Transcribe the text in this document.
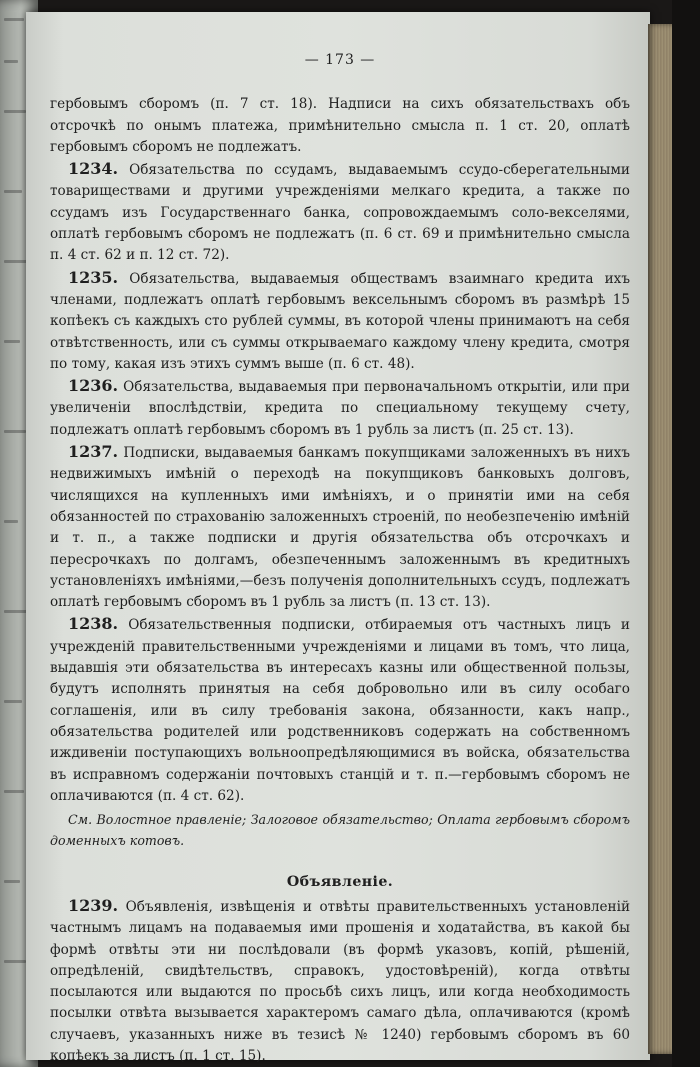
— 173 —

гербовымъ сборомъ (п. 7 ст. 18). Надписи на сихъ обязательствахъ объ отсрочкѣ по онымъ платежа, примѣнительно смысла п. 1 ст. 20, оплатѣ гербовымъ сборомъ не подлежатъ.

1234. Обязательства по ссудамъ, выдаваемымъ ссудо-сберегательными товариществами и другими учрежденiями мелкаго кредита, а также по ссудамъ изъ Государственнаго банка, сопровождаемымъ соло-векселями, оплатѣ гербовымъ сборомъ не подлежатъ (п. 6 ст. 69 и примѣнительно смысла п. 4 ст. 62 и п. 12 ст. 72).

1235. Обязательства, выдаваемыя обществамъ взаимнаго кредита ихъ членами, подлежатъ оплатѣ гербовымъ вексельнымъ сборомъ въ размѣрѣ 15 копѣекъ съ каждыхъ сто рублей суммы, въ которой члены принимаютъ на себя отвѣтственность, или съ суммы открываемаго каждому члену кредита, смотря по тому, какая изъ этихъ суммъ выше (п. 6 ст. 48).

1236. Обязательства, выдаваемыя при первоначальномъ открытiи, или при увеличенiи впослѣдствiи, кредита по специальному текущему счету, подлежатъ оплатѣ гербовымъ сборомъ въ 1 рубль за листъ (п. 25 ст. 13).

1237. Подписки, выдаваемыя банкамъ покупщиками заложенныхъ въ нихъ недвижимыхъ имѣнiй о переходѣ на покупщиковъ банковыхъ долговъ, числящихся на купленныхъ ими имѣнiяхъ, и о принятiи ими на себя обязанностей по страхованiю заложенныхъ строенiй, по необезпеченiю имѣнiй и т. п., а также подписки и другiя обязательства объ отсрочкахъ и пересрочкахъ по долгамъ, обезпеченнымъ заложеннымъ въ кредитныхъ установленiяхъ имѣнiями,—безъ полученiя дополнительныхъ ссудъ, подлежатъ оплатѣ гербовымъ сборомъ въ 1 рубль за листъ (п. 13 ст. 13).

1238. Обязательственныя подписки, отбираемыя отъ частныхъ лицъ и учрежденiй правительственными учрежденiями и лицами въ томъ, что лица, выдавшiя эти обязательства въ интересахъ казны или общественной пользы, будутъ исполнять принятыя на себя добровольно или въ силу особаго соглашенiя, или въ силу требованiя закона, обязанности, какъ напр., обязательства родителей или родственниковъ содержать на собственномъ иждивенiи поступающихъ вольноопредѣляющимися въ войска, обязательства въ исправномъ содержанiи почтовыхъ станцiй и т. п.—гербовымъ сборомъ не оплачиваются (п. 4 ст. 62).

См. Волостное правленiе; Залоговое обязательство; Оплата гербовымъ сборомъ доменныхъ котовъ.

Объявленiе.

1239. Объявленiя, извѣщенiя и отвѣты правительственныхъ установленiй частнымъ лицамъ на подаваемыя ими прошенiя и ходатайства, въ какой бы формѣ отвѣты эти ни послѣдовали (въ формѣ указовъ, копiй, рѣшенiй, опредѣленiй, свидѣтельствъ, справокъ, удостовѣренiй), когда отвѣты посылаются или выдаются по просьбѣ сихъ лицъ, или когда необходимость посылки отвѣта вызывается характеромъ самаго дѣла, оплачиваются (кромѣ случаевъ, указанныхъ ниже въ тезисѣ № 1240) гербовымъ сборомъ въ 60 копѣекъ за листъ (п. 1 ст. 15).
